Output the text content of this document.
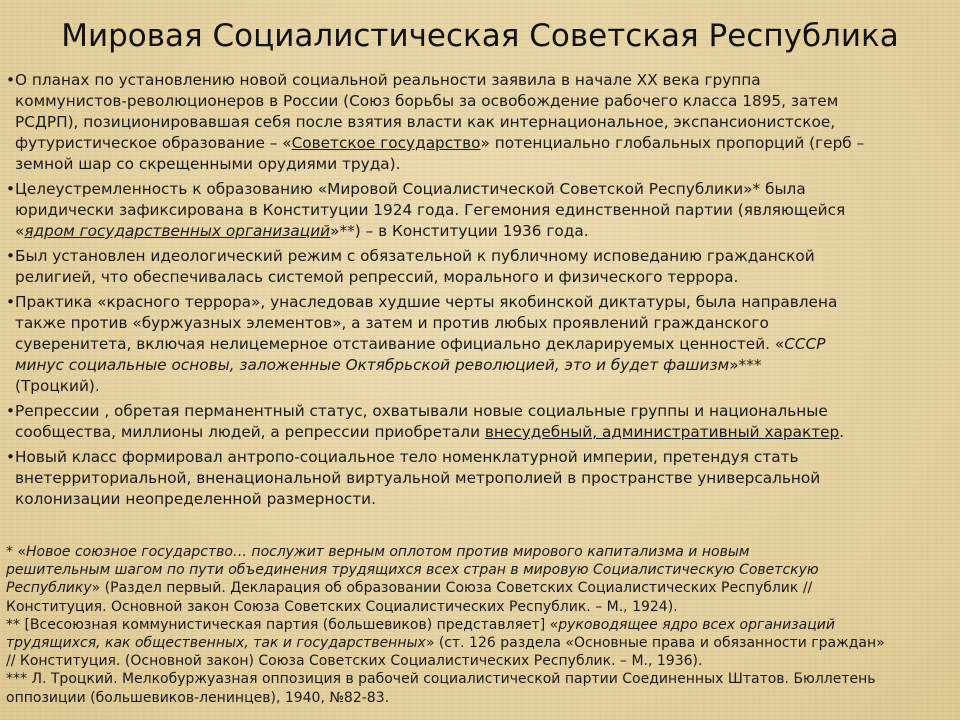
Мировая Социалистическая Советская Республика
• О планах по установлению новой социальной реальности заявила в начале ХХ века группа
коммунистов-революционеров в России (Союз борьбы за освобождение рабочего класса 1895, затем
РСДРП), позиционировавшая себя после взятия власти как интернациональное, экспансионистское,
футуристическое образование – «Советское государство» потенциально глобальных пропорций (герб –
земной шар со скрещенными орудиями труда).
• Целеустремленность к образованию «Мировой Социалистической Советской Республики»* была
юридически зафиксирована в Конституции 1924 года. Гегемония единственной партии (являющейся
«ядром государственных организаций»**) – в Конституции 1936 года.
• Был установлен идеологический режим с обязательной к публичному исповеданию гражданской
религией, что обеспечивалась системой репрессий, морального и физического террора.
• Практика «красного террора», унаследовав худшие черты якобинской диктатуры, была направлена
также против «буржуазных элементов», а затем и против любых проявлений гражданского
суверенитета, включая нелицемерное отстаивание официально декларируемых ценностей. «СССР
минус социальные основы, заложенные Октябрьской революцией, это и будет фашизм»***
(Троцкий).
• Репрессии , обретая перманентный статус, охватывали новые социальные группы и национальные
сообщества, миллионы людей, а репрессии приобретали внесудебный, административный характер.
• Новый класс формировал антропо-социальное тело номенклатурной империи, претендуя стать
внетерриториальной, вненациональной виртуальной метрополией в пространстве универсальной
колонизации неопределенной размерности.
* «Новое союзное государство… послужит верным оплотом против мирового капитализма и новым
решительным шагом по пути объединения трудящихся всех стран в мировую Социалистическую Советскую
Республику» (Раздел первый. Декларация об образовании Союза Советских Социалистических Республик //
Конституция. Основной закон Союза Советских Социалистических Республик. – М., 1924).
** [Всесоюзная коммунистическая партия (большевиков) представляет] «руководящее ядро всех организаций
трудящихся, как общественных, так и государственных» (ст. 126 раздела «Основные права и обязанности граждан»
// Конституция. (Основной закон) Союза Советских Социалистических Республик. – М., 1936).
*** Л. Троцкий. Мелкобуржуазная оппозиция в рабочей социалистической партии Соединенных Штатов. Бюллетень
оппозиции (большевиков-ленинцев), 1940, №82-83.
